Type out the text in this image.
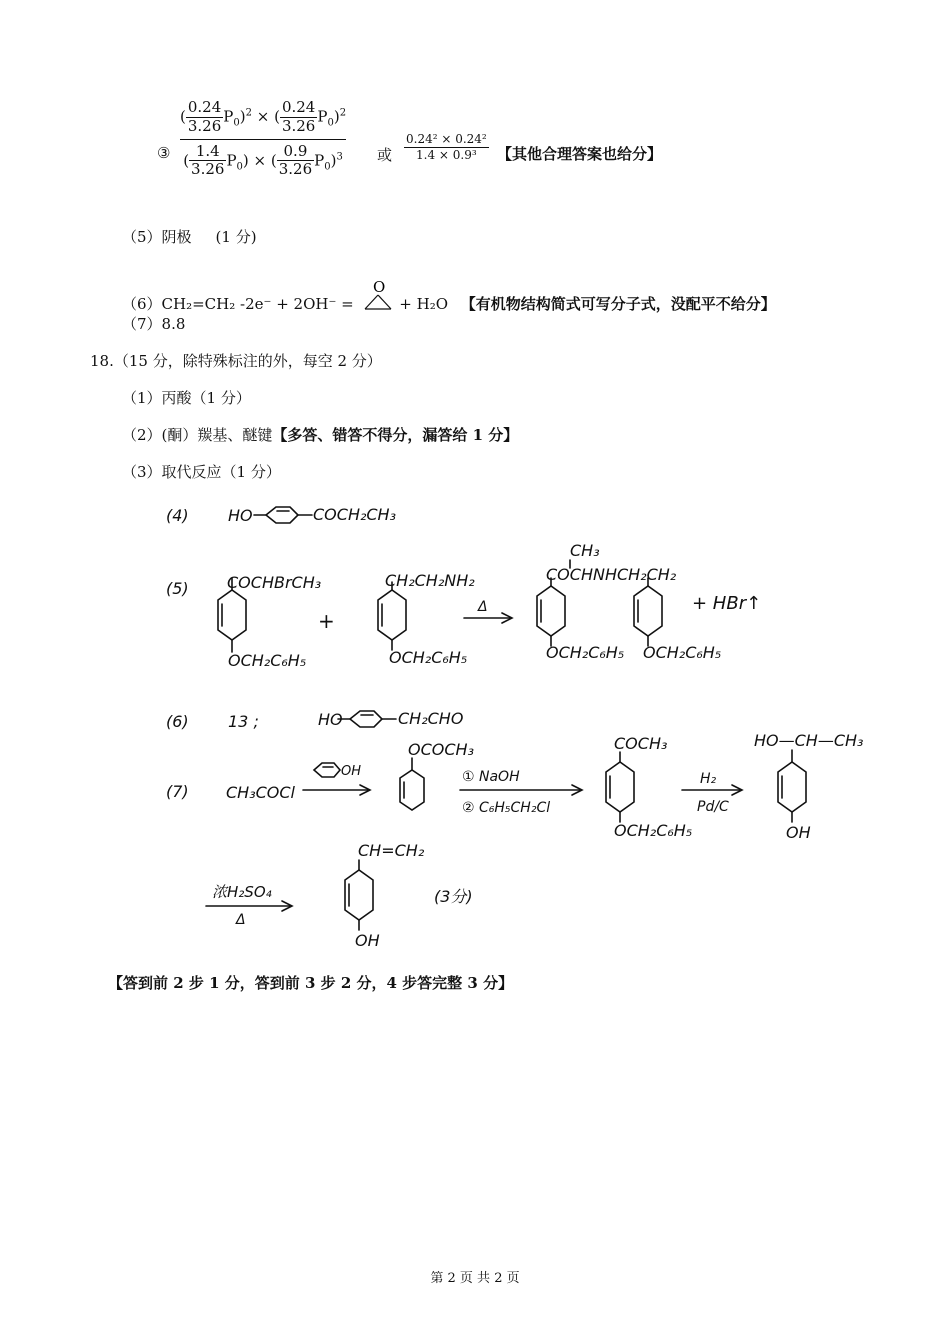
③ $\frac{( \frac{0.24}{3.26} P_0)^2 \times ( \frac{0.24}{3.26} P_0)^2}{( \frac{1.4}{3.26} P_0) \times ( \frac{0.9}{3.26} P_0)^3}$ 或 $\frac{\text{0.24² × 0.24²}}{\text{1.4 × 0.9³}}$ 【其他合理答案也给分】
（5）阴极 (1 分)
（6）CH₂=CH₂ -2e⁻ + 2OH⁻ =
O
+ H₂O 【有机物结构简式可写分子式，没配平不给分】
（7）8.8
18.（15 分，除特殊标注的外，每空 2 分）
（1）丙酸（1 分）
（2）(酮）羰基、醚键【多答、错答不得分，漏答给 1 分】
（3）取代反应（1 分）
(4) HO	COCH₂CH₃
(5) COCHBrCH₃
OCH₂C₆H₅
+
CH₂CH₂NH₂
OCH₂C₆H₅
Δ
CH₃
COCHNHCH₂CH₂
OCH₂C₆H₅ OCH₂C₆H₅
+ HBr↑
(6) 13 ;	HO	CH₂CHO
(7) CH₃COCl
OH
OCOCH₃
① NaOH
② C₆H₅CH₂Cl
COCH₃
OCH₂C₆H₅
H₂
Pd/C
HO—CH—CH₃
OH
浓H₂SO₄
Δ
CH=CH₂
OH
(3分)
【答到前 2 步 1 分，答到前 3 步 2 分，4 步答完整 3 分】
第 2 页 共 2 页
